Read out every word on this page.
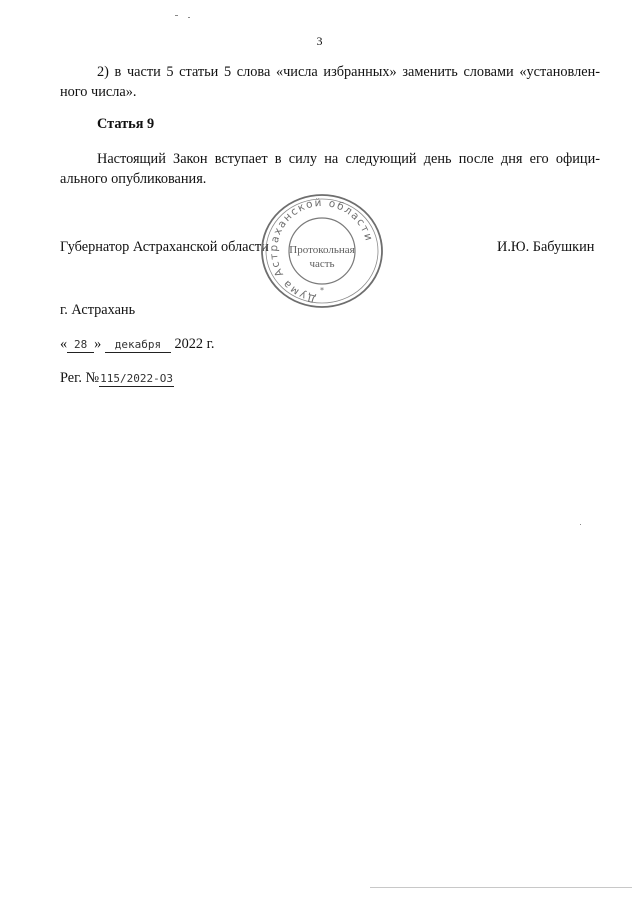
3
2) в части 5 статьи 5 слова «числа избранных» заменить словами «установлен-
ного числа».
Статья 9
Настоящий Закон вступает в силу на следующий день после дня его офици-
ального опубликования.
Губернатор Астраханской области	И.Ю. Бабушкин
Дума Астраханской области
Протокольная
часть
*
г. Астрахань
« 28 » декабря 2022 г.
Рег. №115/2022-ОЗ
